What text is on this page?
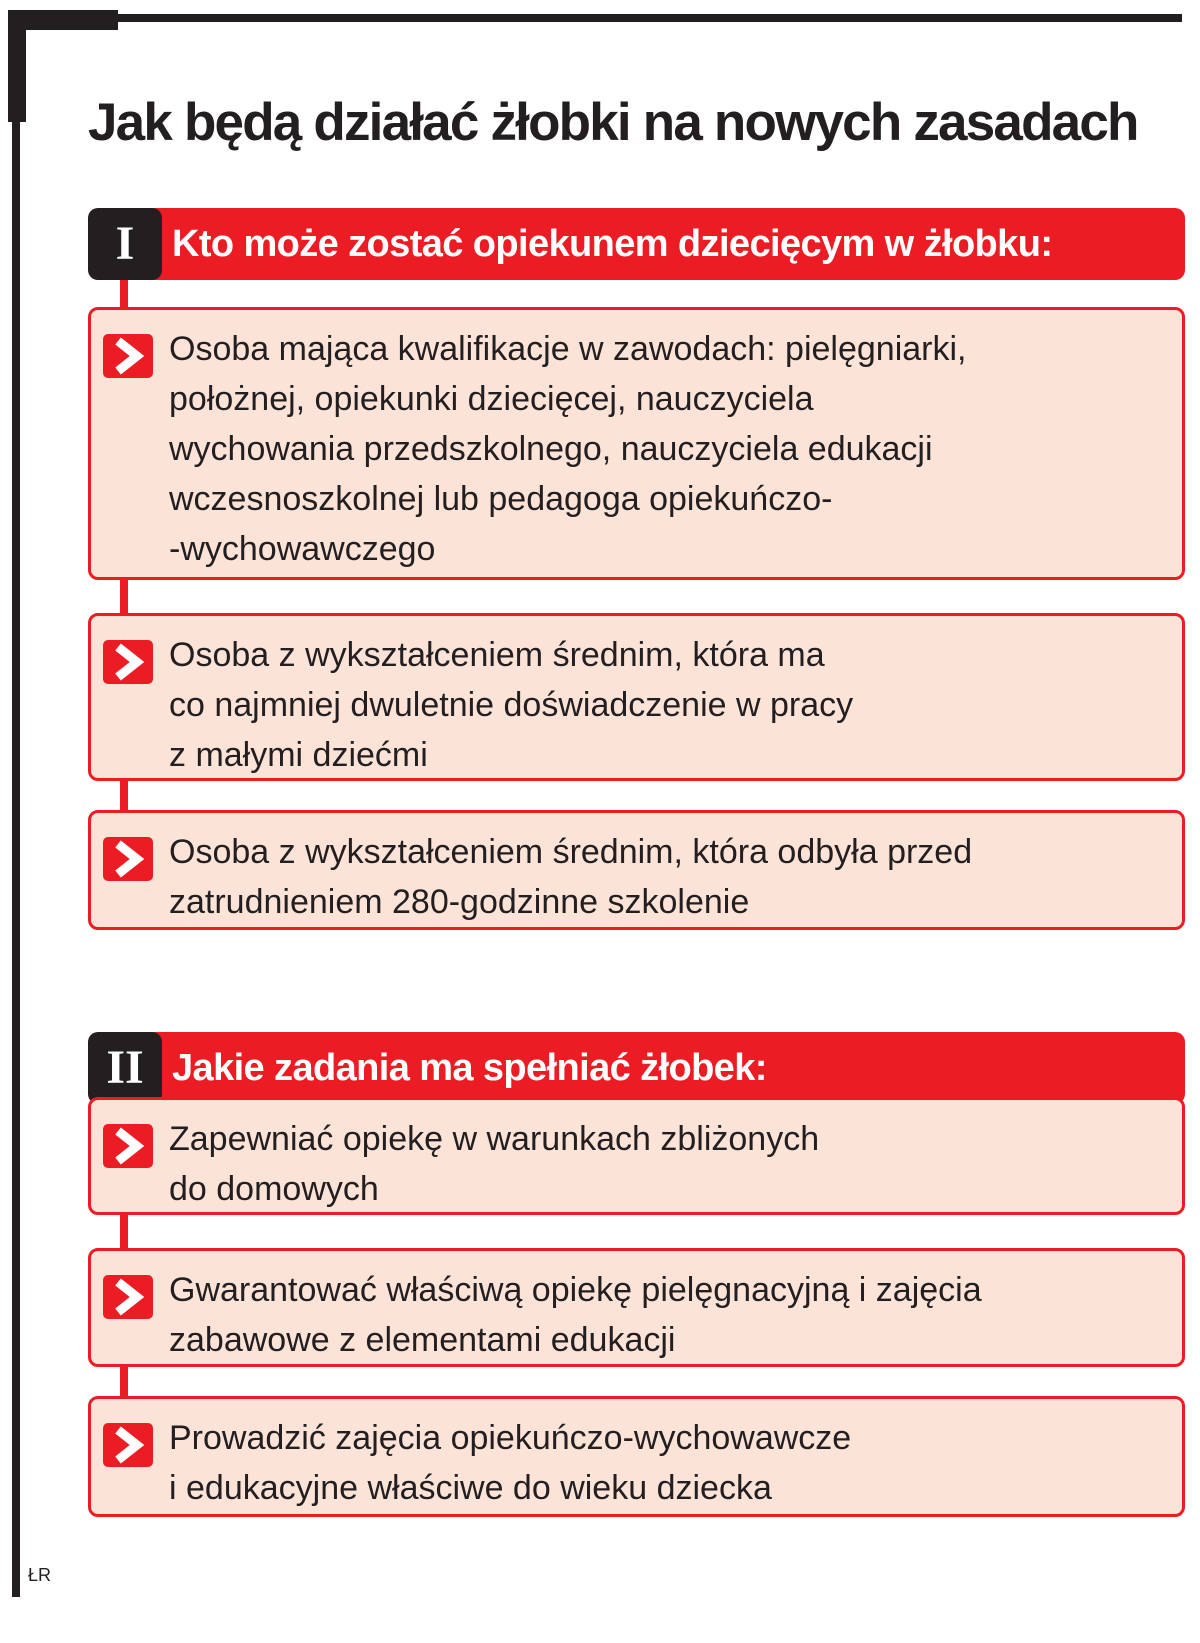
Jak będą działać żłobki na nowych zasadach
I Kto może zostać opiekunem dziecięcym w żłobku:
Osoba mająca kwalifikacje w zawodach: pielęgniarki,
położnej, opiekunki dziecięcej, nauczyciela
wychowania przedszkolnego, nauczyciela edukacji
wczesnoszkolnej lub pedagoga opiekuńczo-
-wychowawczego
Osoba z wykształceniem średnim, która ma
co najmniej dwuletnie doświadczenie w pracy
z małymi dziećmi
Osoba z wykształceniem średnim, która odbyła przed
zatrudnieniem 280-godzinne szkolenie
II Jakie zadania ma spełniać żłobek:
Zapewniać opiekę w warunkach zbliżonych
do domowych
Gwarantować właściwą opiekę pielęgnacyjną i zajęcia
zabawowe z elementami edukacji
Prowadzić zajęcia opiekuńczo-wychowawcze
i edukacyjne właściwe do wieku dziecka
ŁR
